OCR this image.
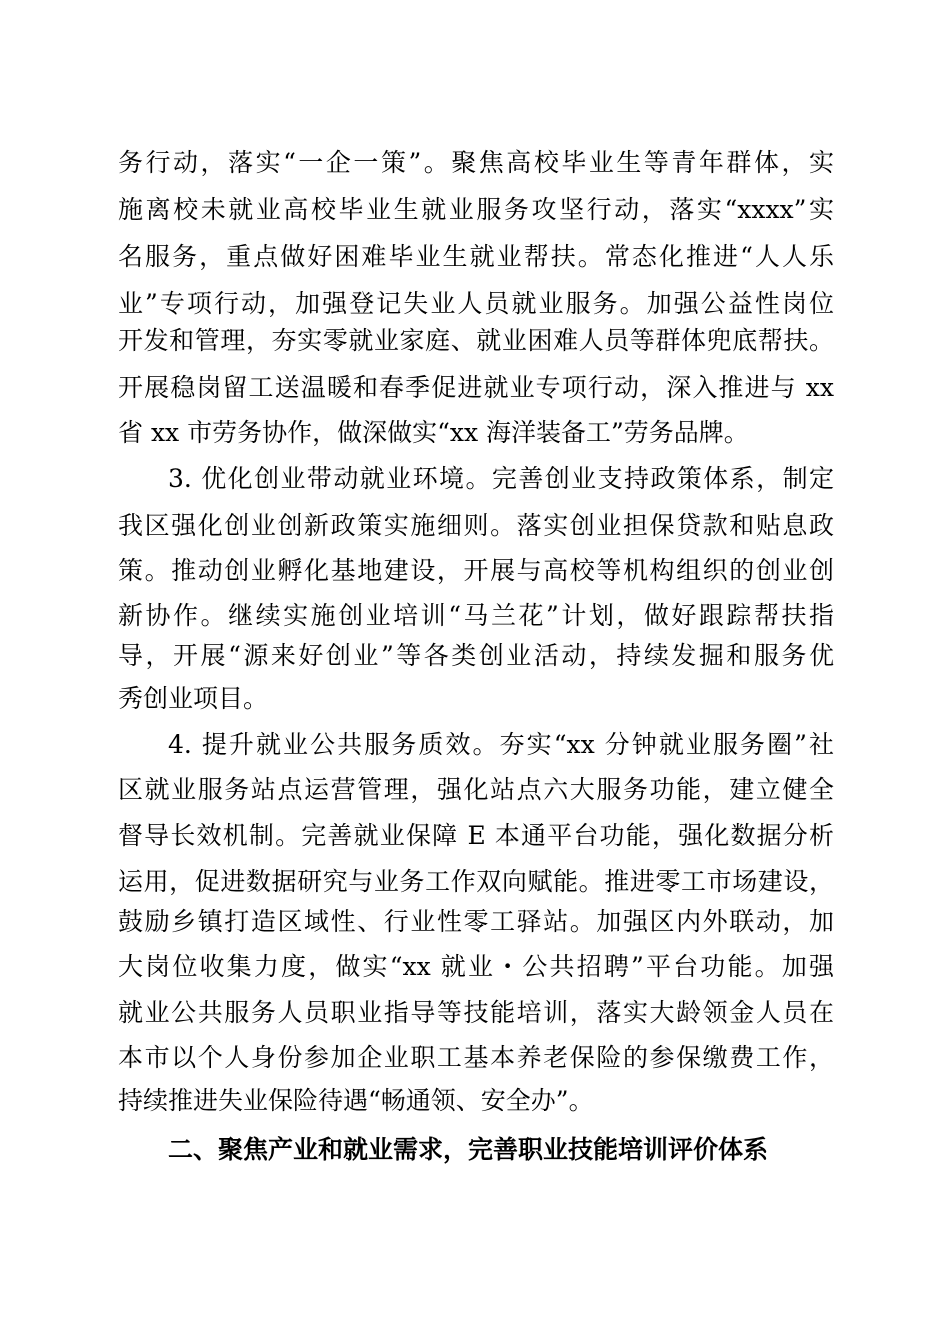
务行动，落实“一企一策”。聚焦高校毕业生等青年群体，实
施离校未就业高校毕业生就业服务攻坚行动，落实“xxxx”实
名服务，重点做好困难毕业生就业帮扶。常态化推进“人人乐
业”专项行动，加强登记失业人员就业服务。加强公益性岗位
开发和管理，夯实零就业家庭、就业困难人员等群体兜底帮扶。
开展稳岗留工送温暖和春季促进就业专项行动，深入推进与 xx
省 xx 市劳务协作，做深做实“xx 海洋装备工”劳务品牌。
3. 优化创业带动就业环境。完善创业支持政策体系，制定
我区强化创业创新政策实施细则。落实创业担保贷款和贴息政
策。推动创业孵化基地建设，开展与高校等机构组织的创业创
新协作。继续实施创业培训“马兰花”计划，做好跟踪帮扶指
导，开展“源来好创业”等各类创业活动，持续发掘和服务优
秀创业项目。
4. 提升就业公共服务质效。夯实“xx 分钟就业服务圈”社
区就业服务站点运营管理，强化站点六大服务功能，建立健全
督导长效机制。完善就业保障 E 本通平台功能，强化数据分析
运用，促进数据研究与业务工作双向赋能。推进零工市场建设，
鼓励乡镇打造区域性、行业性零工驿站。加强区内外联动，加
大岗位收集力度，做实“xx 就业・公共招聘”平台功能。加强
就业公共服务人员职业指导等技能培训，落实大龄领金人员在
本市以个人身份参加企业职工基本养老保险的参保缴费工作，
持续推进失业保险待遇“畅通领、安全办”。
二、聚焦产业和就业需求，完善职业技能培训评价体系
